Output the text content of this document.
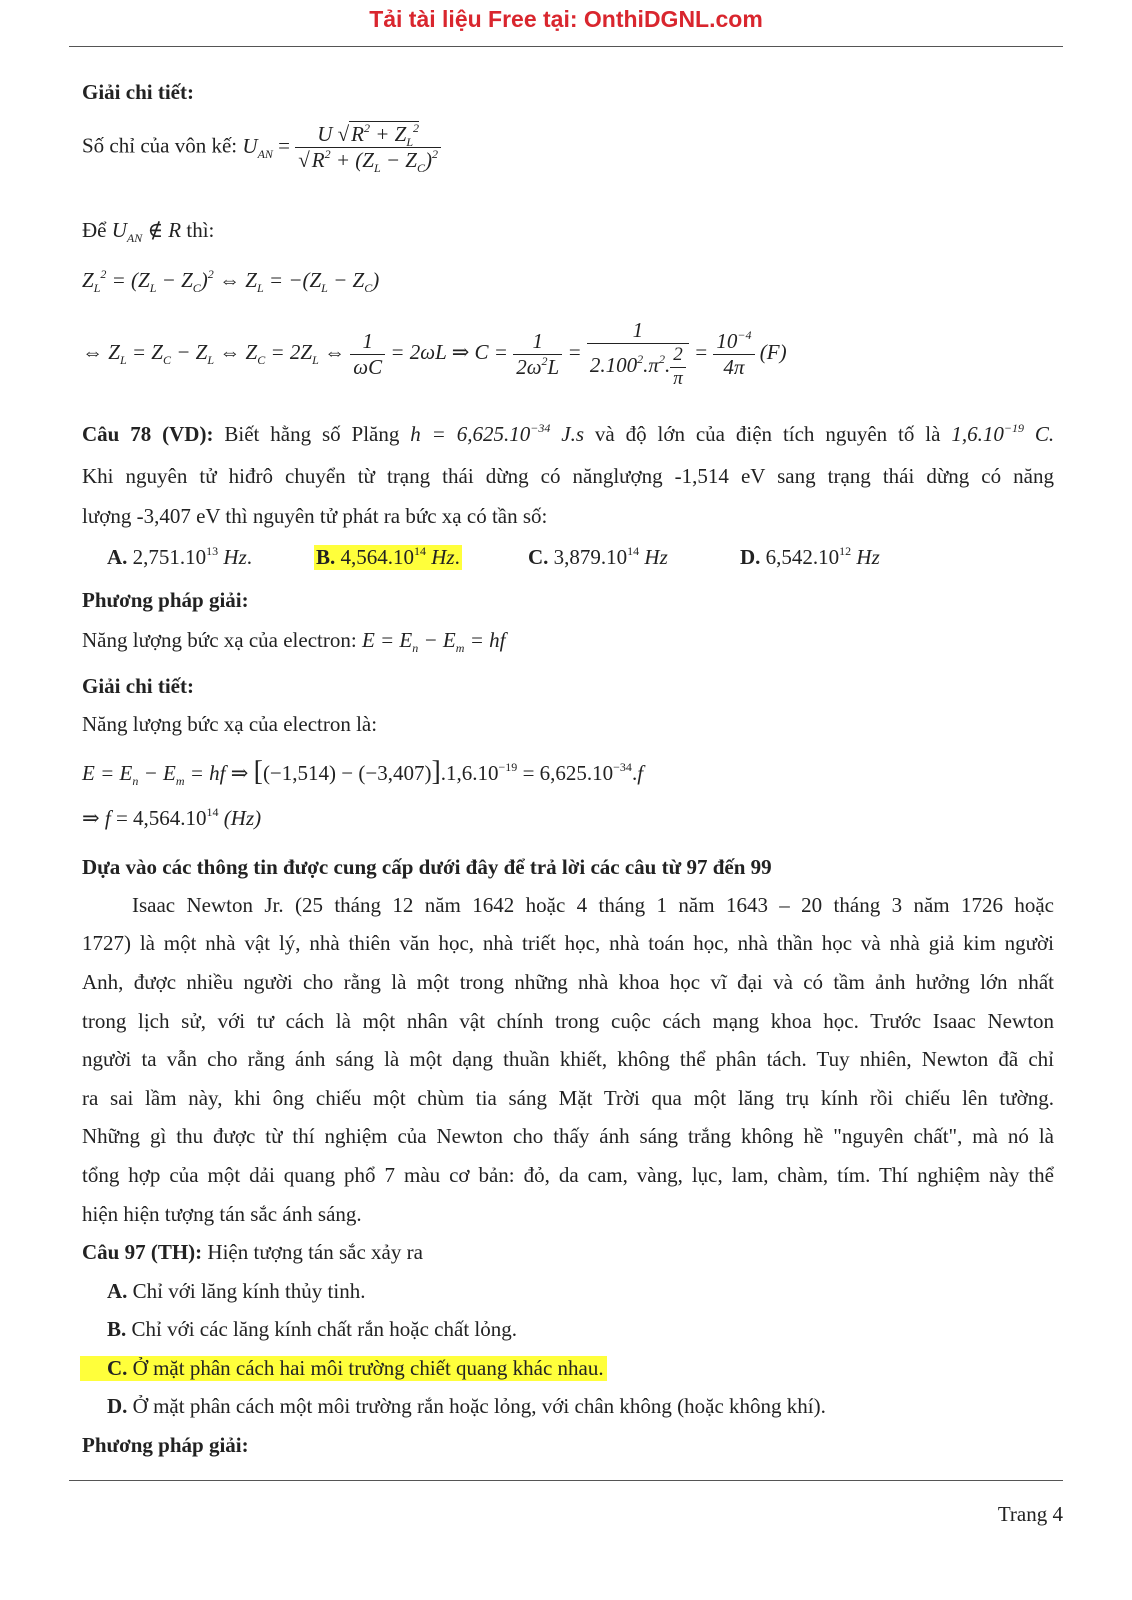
Tải tài liệu Free tại: OnthiDGNL.com
Giải chi tiết:
Số chỉ của vôn kế: $U_{AN} = \frac{U √R^2 + Z_L^2}{√R^2 + (Z_L - Z_C)^2}$
Để $U_{AN}$ ∉ R thì:
$Z_L^2 = (Z_L - Z_C)^2$ ⇔ $Z_L = -(Z_L - Z_C)$
⇔ $Z_L = Z_C - Z_L$ ⇔ $Z_C = 2Z_L$ ⇔ $\frac{1}{\omega C} = 2\omega L$ ⇒ $C = \frac{1}{2\omega^2L} = \frac{1}{2.100^2.\pi^2. \frac{2}{\pi}} = \frac{10^{-4}}{4\pi} (F)$
Câu 78 (VD): Biết hằng số Plăng $h = 6,625.10^{-34}$ J.s và độ lớn của điện tích nguyên tố là $1,6.10^{-19}$ C.
Khi nguyên tử hiđrô chuyển từ trạng thái dừng có nănglượng -1,514 eV sang trạng thái dừng có năng
lượng -3,407 eV thì nguyên tử phát ra bức xạ có tần số:
A. 2,751.10$^{13}$ Hz.	B. 4,564.10$^{14}$ Hz.	C. 3,879.10$^{14}$ Hz	D. 6,542.10$^{12}$ Hz
Phương pháp giải:
Năng lượng bức xạ của electron: $E = E_n - E_m$ = hf
Giải chi tiết:
Năng lượng bức xạ của electron là:
$E = E_n - E_m$ = hf ⇒ $[(-1,514) - (-3,407)].1,6.10^{-19} = 6,625.10^{-34}.f$
⇒ $f = 4,564.10^{14}$ (Hz)
Dựa vào các thông tin được cung cấp dưới đây để trả lời các câu từ 97 đến 99
Isaac Newton Jr. (25 tháng 12 năm 1642 hoặc 4 tháng 1 năm 1643 – 20 tháng 3 năm 1726 hoặc
1727) là một nhà vật lý, nhà thiên văn học, nhà triết học, nhà toán học, nhà thần học và nhà giả kim người
Anh, được nhiều người cho rằng là một trong những nhà khoa học vĩ đại và có tầm ảnh hưởng lớn nhất
trong lịch sử, với tư cách là một nhân vật chính trong cuộc cách mạng khoa học. Trước Isaac Newton
người ta vẫn cho rằng ánh sáng là một dạng thuần khiết, không thể phân tách. Tuy nhiên, Newton đã chỉ
ra sai lầm này, khi ông chiếu một chùm tia sáng Mặt Trời qua một lăng trụ kính rồi chiếu lên tường.
Những gì thu được từ thí nghiệm của Newton cho thấy ánh sáng trắng không hề "nguyên chất", mà nó là
tổng hợp của một dải quang phổ 7 màu cơ bản: đỏ, da cam, vàng, lục, lam, chàm, tím. Thí nghiệm này thể
hiện hiện tượng tán sắc ánh sáng.
Câu 97 (TH): Hiện tượng tán sắc xảy ra
A. Chỉ với lăng kính thủy tinh.
B. Chỉ với các lăng kính chất rắn hoặc chất lỏng.
C. Ở mặt phân cách hai môi trường chiết quang khác nhau.
D. Ở mặt phân cách một môi trường rắn hoặc lỏng, với chân không (hoặc không khí).
Phương pháp giải:
Trang 4
